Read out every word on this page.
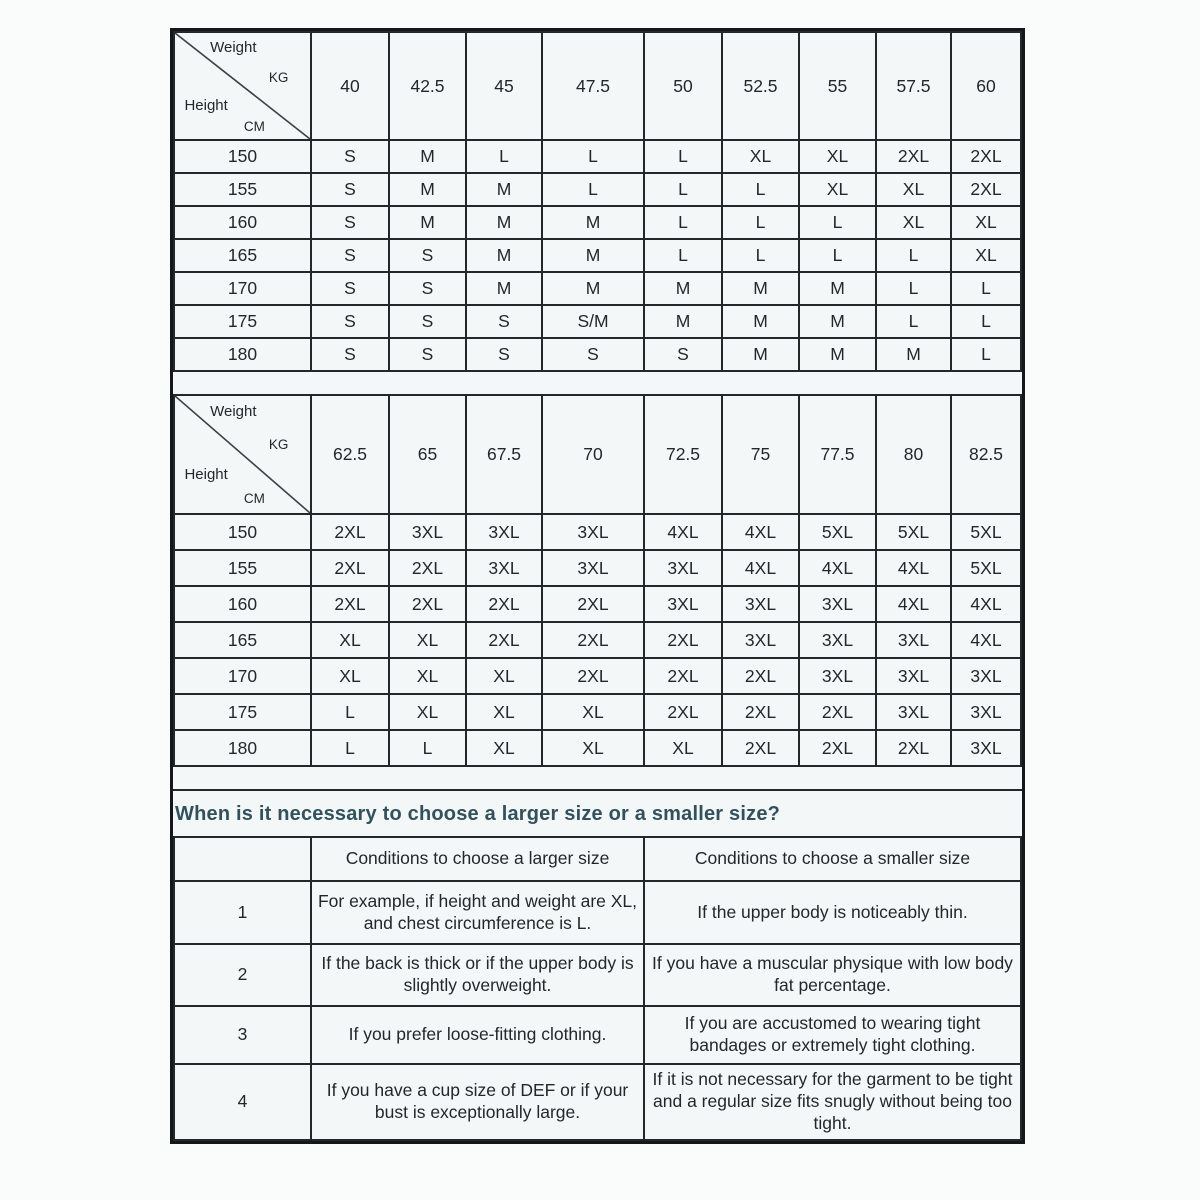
Weight
KG
Height
CM	40	42.5	45	47.5	50	52.5	55	57.5	60
150	S	M	L	L	L	XL	XL	2XL	2XL
155	S	M	M	L	L	L	XL	XL	2XL
160	S	M	M	M	L	L	L	XL	XL
165	S	S	M	M	L	L	L	L	XL
170	S	S	M	M	M	M	M	L	L
175	S	S	S	S/M	M	M	M	L	L
180	S	S	S	S	S	M	M	M	L
Weight
KG
Height
CM	62.5	65	67.5	70	72.5	75	77.5	80	82.5
150	2XL	3XL	3XL	3XL	4XL	4XL	5XL	5XL	5XL
155	2XL	2XL	3XL	3XL	3XL	4XL	4XL	4XL	5XL
160	2XL	2XL	2XL	2XL	3XL	3XL	3XL	4XL	4XL
165	XL	XL	2XL	2XL	2XL	3XL	3XL	3XL	4XL
170	XL	XL	XL	2XL	2XL	2XL	3XL	3XL	3XL
175	L	XL	XL	XL	2XL	2XL	2XL	3XL	3XL
180	L	L	XL	XL	XL	2XL	2XL	2XL	3XL
When is it necessary to choose a larger size or a smaller size?
	Conditions to choose a larger size	Conditions to choose a smaller size
1	For example, if height and weight are XL, and chest circumference is L.	If the upper body is noticeably thin.
2	If the back is thick or if the upper body is slightly overweight.	If you have a muscular physique with low body fat percentage.
3	If you prefer loose-fitting clothing.	If you are accustomed to wearing tight bandages or extremely tight clothing.
4	If you have a cup size of DEF or if your bust is exceptionally large.	If it is not necessary for the garment to be tight and a regular size fits snugly without being too tight.
